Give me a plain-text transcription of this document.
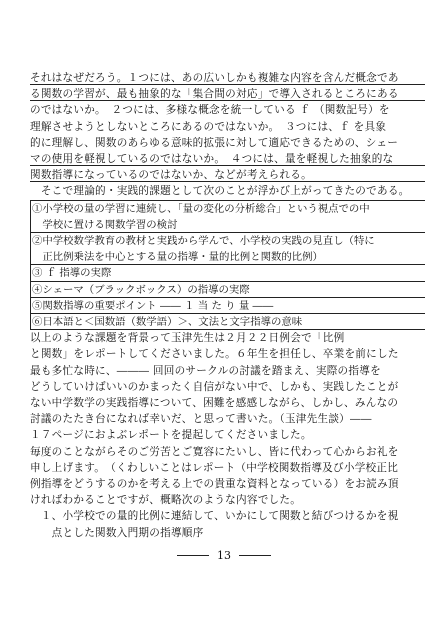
それはなぜだろう。１つには、あの広いしかも複雑な内容を含んだ概念であ
る関数の学習が、最も抽象的な「集合間の対応」で導入されるところにある
のではないか。　２つには、多様な概念を統一している ｆ （関数記号）を
理解させようとしないところにあるのではないか。　３つには、ｆ を具象
的に理解し、関数のあらゆる意味的拡張に対して適応できるための、シェー
マの使用を軽視しているのではないか。　４つには、量を軽視した抽象的な
関数指導になっているのではないか、などが考えられる。
　そこで理論的・実践的課題として次のことが浮かび上がってきたのである。
①小学校の量の学習に連続し、「量の変化の分析総合」という視点での中
　学校に置ける関数学習の検討
②中学校数学教育の教材と実践から学んで、小学校の実践の見直し（特に
　正比例乗法を中心とする量の指導・量的比例と関数的比例）
③ ｆ 指導の実際
④シェーマ（ブラックボックス）の指導の実際
⑤関数指導の重要ポイント ―― １ 当 た り 量 ――
⑥日本語と＜国数語（数学語）＞、文法と文字指導の意味
以上のような課題を背景って玉津先生は２月２２日例会で「比例
と関数」をレポートしてくださいました。６年生を担任し、卒業を前にした
最も多忙な時に、――― 回回のサークルの討議を踏まえ、実際の指導を
どうしていけばいいのかまったく自信がない中で、しかも、実践したことが
ない中学数学の実践指導について、困難を感感しながら、しかし、みんなの
討議のたたき台になれば幸いだ、と思って書いた。（玉津先生談）――
１７ページにおよぶレポートを提起してくださいました。
毎度のことながらそのご労苦とご寛容にたいし、皆に代わって心からお礼を
申し上げます。　（くわしいことはレポート（中学校関数指導及び小学校正比
例指導をどうするのかを考える上での貴重な資料となっている）をお読み頂
ければわかることですが、概略次のような内容でした。
　１、小学校での量的比例に連結して、いかにして関数と結びつけるかを視
　　点とした関数入門期の指導順序
13
